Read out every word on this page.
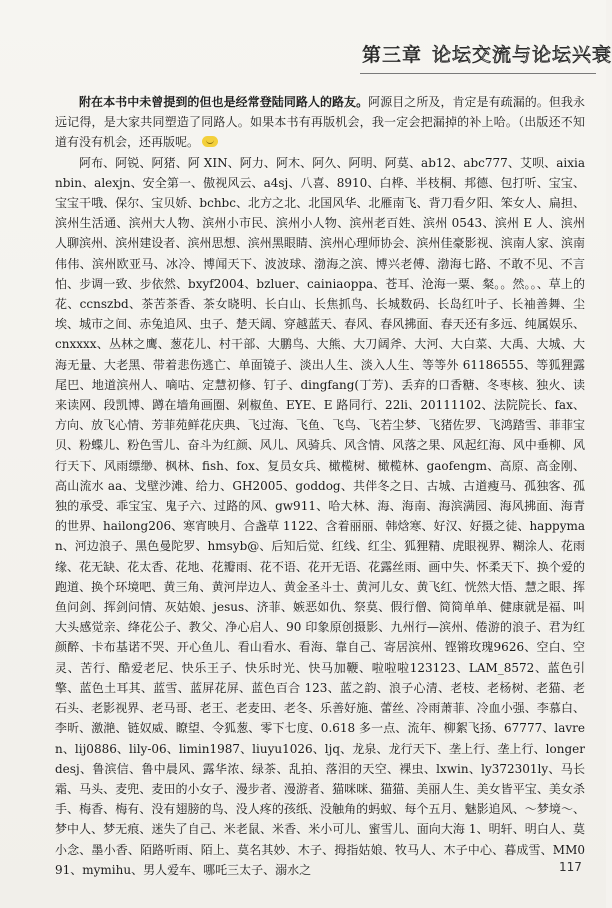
第三章 论坛交流与论坛兴衰

附在本书中未曾提到的但也是经常登陆同路人的路友。阿源目之所及，肯定是有疏漏的。但我永远记得，是大家共同塑造了同路人。如果本书有再版机会，我一定会把漏掉的补上哈。（出版还不知道有没有机会，还再版呢。

阿布、阿锐、阿猪、阿 XIN、阿力、阿木、阿久、阿明、阿莫、ab12、abc777、艾呗、aixianbin、alexjn、安全第一、傲视风云、a4sj、八喜、8910、白桦、半枝桐、邦德、包打听、宝宝、宝宝干哦、保尔、宝贝娇、bchbc、北方之北、北国风华、北雁南飞、背刀看夕阳、笨女人、扁担、滨州生活通、滨州大人物、滨州小市民、滨州小人物、滨州老百姓、滨州 0543、滨州 E 人、滨州人聊滨州、滨州建设者、滨州思想、滨州黑眼睛、滨州心理师协会、滨州佳豪影视、滨南人家、滨南伟伟、滨州欧亚马、冰冷、博闻天下、波波球、渤海之滨、博兴老傅、渤海七路、不敢不见、不言怕、步调一致、步依然、bxyf2004、bzluer、cainiaoppa、苍耳、沧海一粟、粲。。然。。、草上的花、ccnszbd、茶苦茶香、茶女晓明、长白山、长焦抓鸟、长城数码、长岛红叶子、长袖善舞、尘埃、城市之间、赤兔追风、虫子、楚天阔、穿越蓝天、春风、春风拂面、春天还有多远、纯属娱乐、cnxxxx、丛林之鹰、葱花儿、村干部、大鹏鸟、大熊、大刀阔斧、大河、大白菜、大禹、大城、大海无量、大老黑、带着悲伤逃亡、单面镜子、淡出人生、淡入人生、等等外 61186555、等狐狸露尾巴、地道滨州人、嘀咕、定慧初修、钉子、dingfang(丁芳)、丢弃的口香糖、冬枣核、独火、读来读网、段凯博、蹲在墙角画圈、剁椒鱼、EYE、E 路同行、22li、20111102、法院院长、fax、方向、放飞心情、芳菲苑鲜花庆典、飞过海、飞鱼、飞鸟、飞若尘梦、飞猪佐罗、飞鸿踏雪、菲菲宝贝、粉蝶儿、粉色雪儿、奋斗为红颜、风儿、风骑兵、风含情、风落之果、风起红海、风中垂柳、风行天下、风雨缥缈、枫林、fish、fox、复员女兵、橄榄树、橄榄林、gaofengm、高原、高金刚、高山流水 aa、戈壁沙滩、给力、GH2005、goddog、共伴冬之日、古城、古道瘦马、孤独客、孤独的承受、乖宝宝、鬼子六、过路的风、gw911、哈大林、海、海南、海滨满园、海风拂面、海青的世界、hailong206、寒宵映月、合盏草 1122、含着丽丽、韩焓寒、好汉、好摄之徒、happyman、河边浪子、黑色曼陀罗、hmsyb@、后知后觉、红线、红尘、狐狸精、虎眼视界、糊涂人、花雨缘、花无缺、花太香、花地、花瓣雨、花不语、花开无语、花露丝雨、画中失、怀柔天下、换个爱的跑道、换个环境吧、黄三角、黄河岸边人、黄金圣斗士、黄河儿女、黄飞红、恍然大悟、慧之眼、挥鱼问剑、挥剑问情、灰姑娘、jesus、济菲、嫉恶如仇、祭莫、假行僧、简简单单、健康就是福、叫大头感觉亲、绛花公子、教父、净心启人、90 印象原创摄影、九州行—滨州、倦游的浪子、君为红颜醉、卡布基诺不哭、开心鱼儿、看山看水、看海、靠自己、寄居滨州、铿锵玫瑰9626、空白、空灵、苦行、酷爱老尼、快乐王子、快乐时光、快马加鞭、啦啦啦123123、LAM_8572、蓝色引擎、蓝色土耳其、蓝雪、蓝屏花屏、蓝色百合 123、蓝之韵、浪子心清、老枝、老杨树、老猫、老石头、老影视界、老马哥、老王、老麦田、老冬、乐善好施、蕾丝、冷雨萧菲、冷血小强、李慕白、李昕、激滟、链奴威、瞭望、令狐葱、零下七度、0.618 多一点、流年、柳絮飞扬、67777、lavren、lij0886、lily-06、limin1987、liuyu1026、ljq、龙泉、龙行天下、垄上行、垄上行、longerdesj、鲁滨信、鲁中晨风、露华浓、绿茶、乱拍、落泪的天空、裸虫、lxwin、ly372301ly、马长霜、马头、麦兜、麦田的小女子、漫步者、漫游者、猫咪咪、猫猫、美丽人生、美女皆平宝、美女杀手、梅香、梅有、没有翅膀的鸟、没人疼的孩纸、没触角的蚂蚁、每个五月、魅影追风、～梦境～、梦中人、梦无痕、迷失了自己、米老鼠、米香、米小可儿、蜜雪儿、面向大海 1、明轩、明白人、莫小念、墨小香、陌路听雨、陌上、莫名其妙、木子、拇指姑娘、牧马人、木子中心、暮成雪、MM091、mymihu、男人爱车、哪吒三太子、溺水之	117
